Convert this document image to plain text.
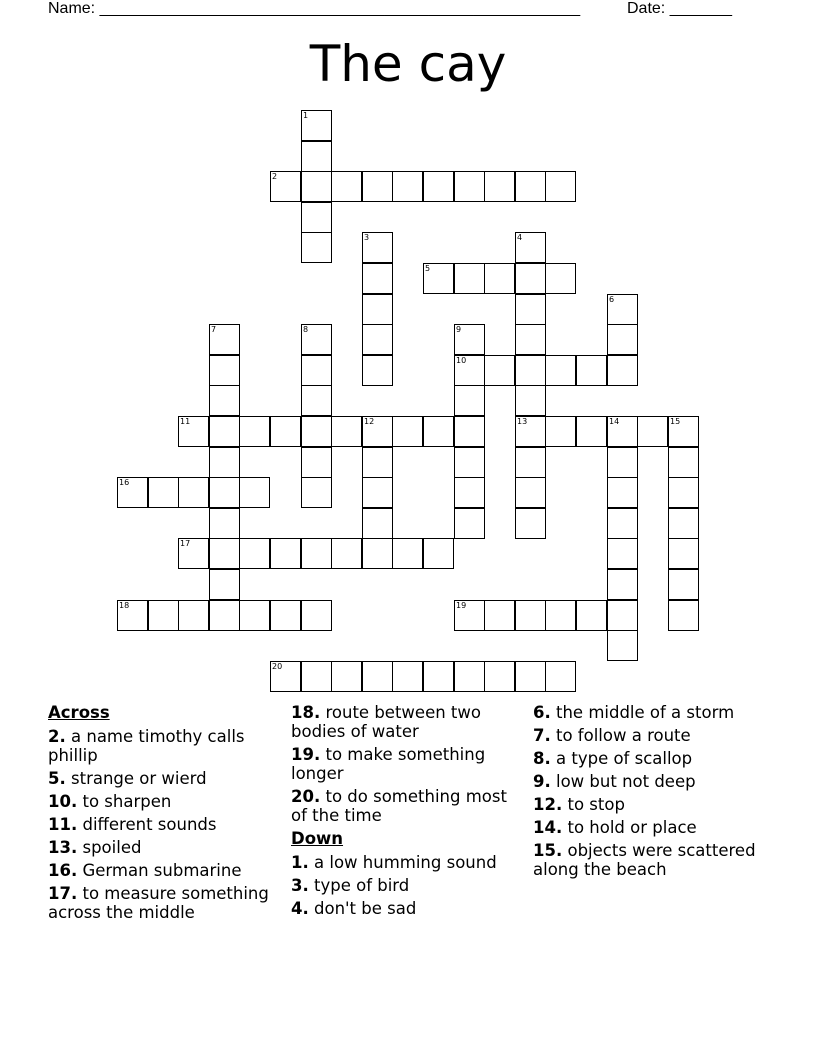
Name: ______________________________________________________	Date: _______
The cay
1
2
3	4
13
5
6
7	8	9
10
11	12	14	15
16
17
18	19
20
Across
2. a name timothy calls phillip
5. strange or wierd
10. to sharpen
11. different sounds
13. spoiled
16. German submarine
17. to measure something across the middle
18. route between two bodies of water
19. to make something longer
20. to do something most of the time
Down
1. a low humming sound
3. type of bird
4. don't be sad
6. the middle of a storm
7. to follow a route
8. a type of scallop
9. low but not deep
12. to stop
14. to hold or place
15. objects were scattered along the beach
